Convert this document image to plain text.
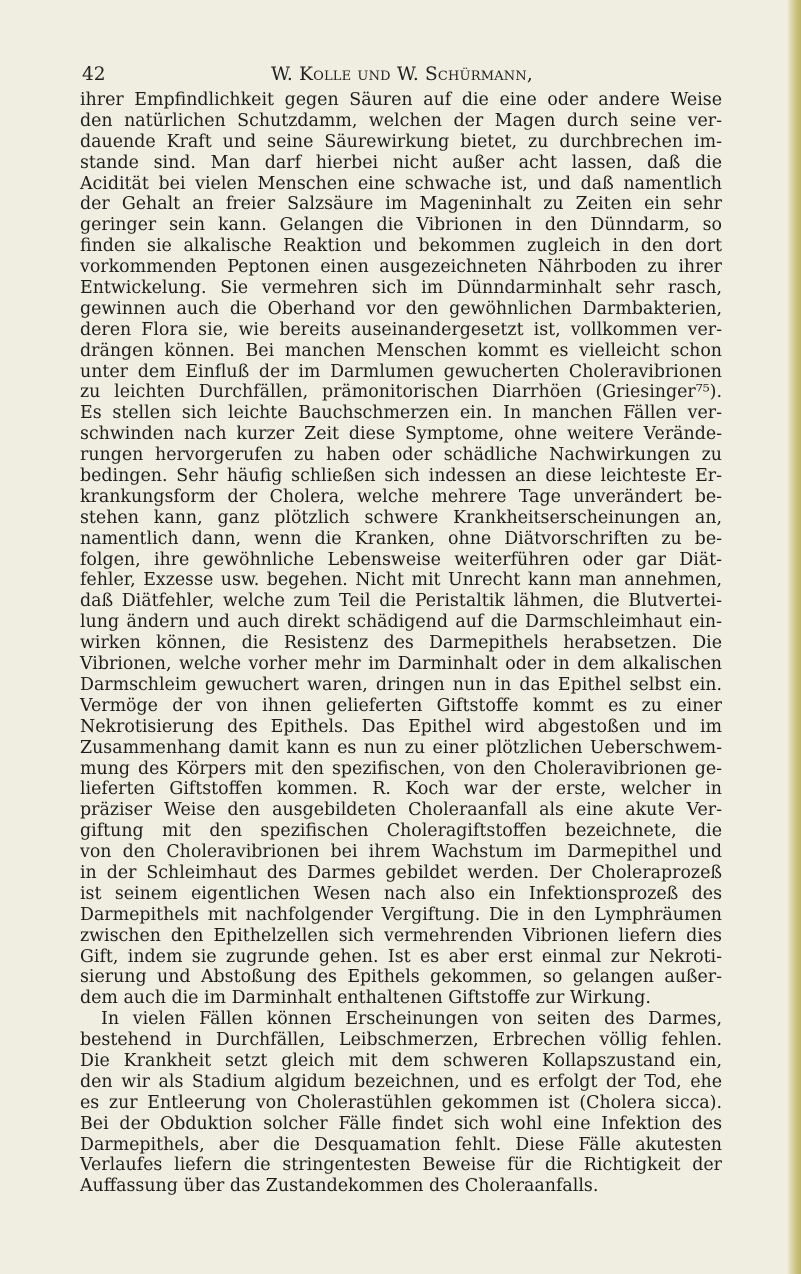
42	W. Kolle und W. Schürmann,
ihrer Empfindlichkeit gegen Säuren auf die eine oder andere Weise
den natürlichen Schutzdamm, welchen der Magen durch seine ver-
dauende Kraft und seine Säurewirkung bietet, zu durchbrechen im-
stande sind. Man darf hierbei nicht außer acht lassen, daß die
Acidität bei vielen Menschen eine schwache ist, und daß namentlich
der Gehalt an freier Salzsäure im Mageninhalt zu Zeiten ein sehr
geringer sein kann. Gelangen die Vibrionen in den Dünndarm, so
finden sie alkalische Reaktion und bekommen zugleich in den dort
vorkommenden Peptonen einen ausgezeichneten Nährboden zu ihrer
Entwickelung. Sie vermehren sich im Dünndarminhalt sehr rasch,
gewinnen auch die Oberhand vor den gewöhnlichen Darmbakterien,
deren Flora sie, wie bereits auseinandergesetzt ist, vollkommen ver-
drängen können. Bei manchen Menschen kommt es vielleicht schon
unter dem Einfluß der im Darmlumen gewucherten Choleravibrionen
zu leichten Durchfällen, prämonitorischen Diarrhöen (Griesinger⁷⁵).
Es stellen sich leichte Bauchschmerzen ein. In manchen Fällen ver-
schwinden nach kurzer Zeit diese Symptome, ohne weitere Verände-
rungen hervorgerufen zu haben oder schädliche Nachwirkungen zu
bedingen. Sehr häufig schließen sich indessen an diese leichteste Er-
krankungsform der Cholera, welche mehrere Tage unverändert be-
stehen kann, ganz plötzlich schwere Krankheitserscheinungen an,
namentlich dann, wenn die Kranken, ohne Diätvorschriften zu be-
folgen, ihre gewöhnliche Lebensweise weiterführen oder gar Diät-
fehler, Exzesse usw. begehen. Nicht mit Unrecht kann man annehmen,
daß Diätfehler, welche zum Teil die Peristaltik lähmen, die Blutvertei-
lung ändern und auch direkt schädigend auf die Darmschleimhaut ein-
wirken können, die Resistenz des Darmepithels herabsetzen. Die
Vibrionen, welche vorher mehr im Darminhalt oder in dem alkalischen
Darmschleim gewuchert waren, dringen nun in das Epithel selbst ein.
Vermöge der von ihnen gelieferten Giftstoffe kommt es zu einer
Nekrotisierung des Epithels. Das Epithel wird abgestoßen und im
Zusammenhang damit kann es nun zu einer plötzlichen Ueberschwem-
mung des Körpers mit den spezifischen, von den Choleravibrionen ge-
lieferten Giftstoffen kommen. R. Koch war der erste, welcher in
präziser Weise den ausgebildeten Choleraanfall als eine akute Ver-
giftung mit den spezifischen Choleragiftstoffen bezeichnete, die
von den Choleravibrionen bei ihrem Wachstum im Darmepithel und
in der Schleimhaut des Darmes gebildet werden. Der Choleraprozeß
ist seinem eigentlichen Wesen nach also ein Infektionsprozeß des
Darmepithels mit nachfolgender Vergiftung. Die in den Lymphräumen
zwischen den Epithelzellen sich vermehrenden Vibrionen liefern dies
Gift, indem sie zugrunde gehen. Ist es aber erst einmal zur Nekroti-
sierung und Abstoßung des Epithels gekommen, so gelangen außer-
dem auch die im Darminhalt enthaltenen Giftstoffe zur Wirkung.
In vielen Fällen können Erscheinungen von seiten des Darmes,
bestehend in Durchfällen, Leibschmerzen, Erbrechen völlig fehlen.
Die Krankheit setzt gleich mit dem schweren Kollapszustand ein,
den wir als Stadium algidum bezeichnen, und es erfolgt der Tod, ehe
es zur Entleerung von Cholerastühlen gekommen ist (Cholera sicca).
Bei der Obduktion solcher Fälle findet sich wohl eine Infektion des
Darmepithels, aber die Desquamation fehlt. Diese Fälle akutesten
Verlaufes liefern die stringentesten Beweise für die Richtigkeit der
Auffassung über das Zustandekommen des Choleraanfalls.
